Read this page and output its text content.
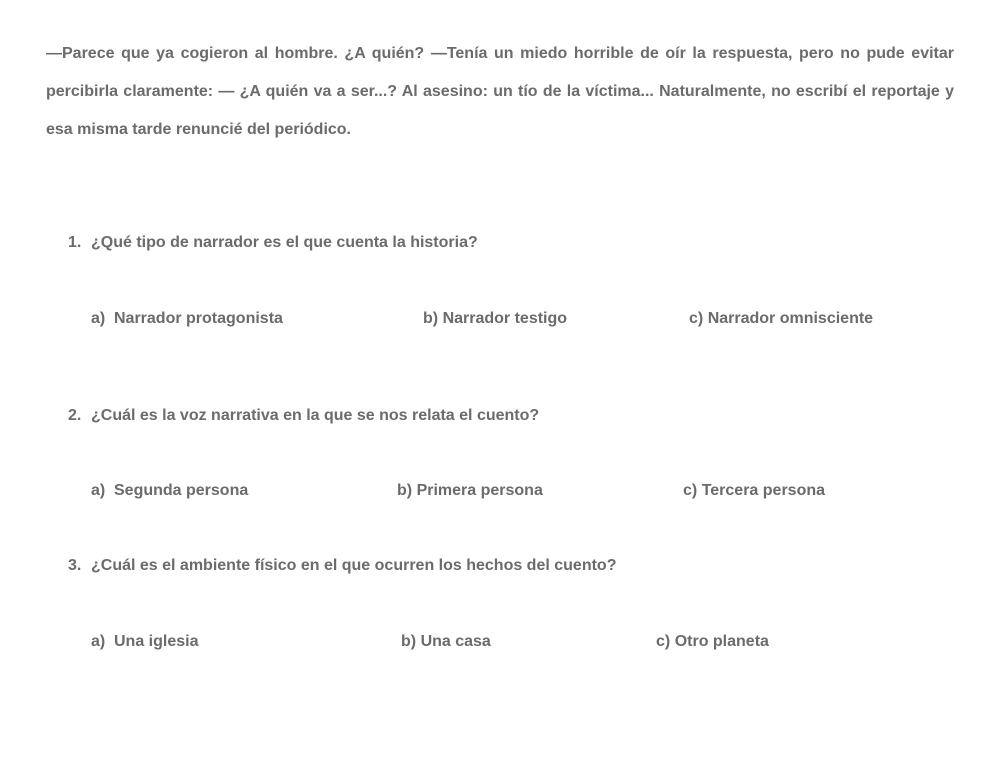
—Parece que ya cogieron al hombre. ¿A quién? —Tenía un miedo horrible de oír la respuesta, pero no pude evitar percibirla claramente: — ¿A quién va a ser...? Al asesino: un tío de la víctima... Naturalmente, no escribí el reportaje y esa misma tarde renuncié del periódico.

1. ¿Qué tipo de narrador es el que cuenta la historia?
a) Narrador protagonista	b) Narrador testigo	c) Narrador omnisciente
2. ¿Cuál es la voz narrativa en la que se nos relata el cuento?
a) Segunda persona	b) Primera persona	c) Tercera persona
3. ¿Cuál es el ambiente físico en el que ocurren los hechos del cuento?
a) Una iglesia	b) Una casa	c) Otro planeta
